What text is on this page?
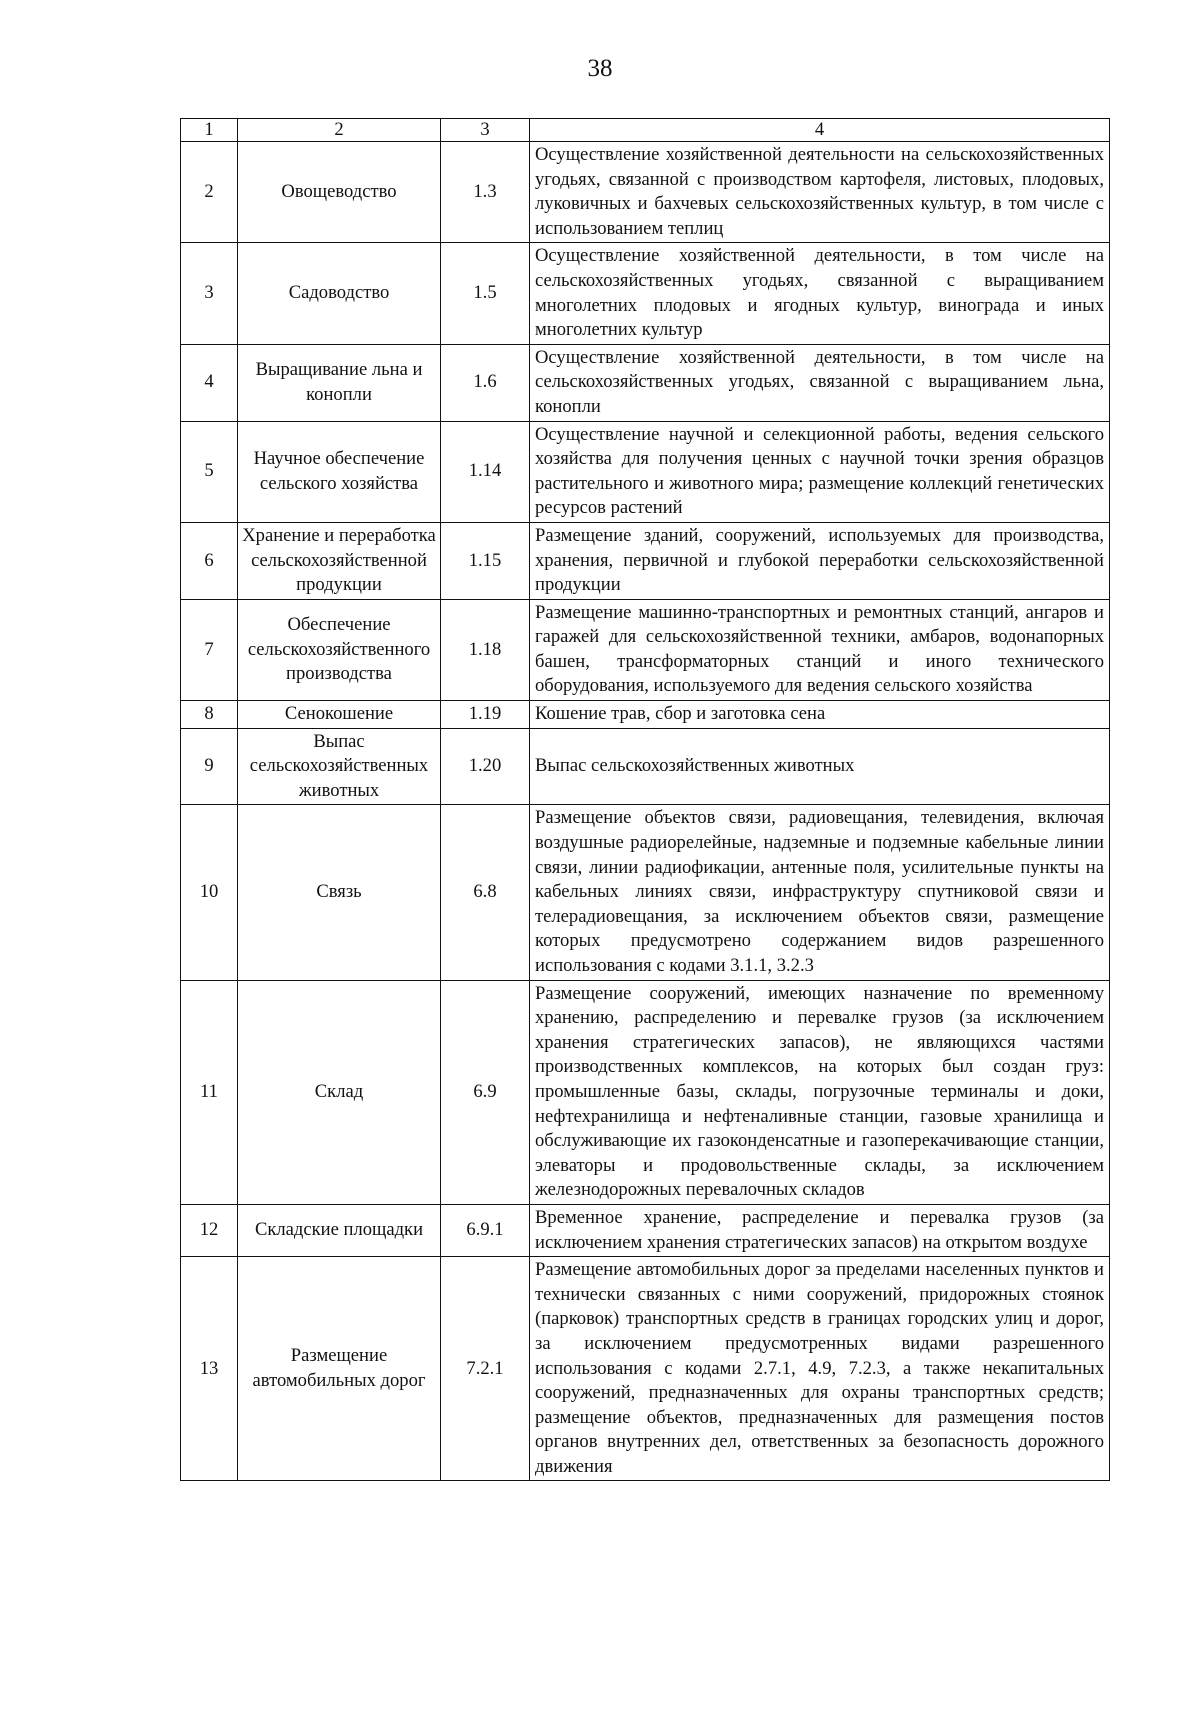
38
1	2	3	4
2	Овощеводство	1.3	Осуществление хозяйственной деятельности на сельскохозяйственных угодьях, связанной с производством картофеля, листовых, плодовых, луковичных и бахчевых сельскохозяйственных культур, в том числе с использованием теплиц
3	Садоводство	1.5	Осуществление хозяйственной деятельности, в том числе на сельскохозяйственных угодьях, связанной с выращиванием многолетних плодовых и ягодных культур, винограда и иных многолетних культур
4	Выращивание льна и конопли	1.6	Осуществление хозяйственной деятельности, в том числе на сельскохозяйственных угодьях, связанной с выращиванием льна, конопли
5	Научное обеспечение сельского хозяйства	1.14	Осуществление научной и селекционной работы, ведения сельского хозяйства для получения ценных с научной точки зрения образцов растительного и животного мира; размещение коллекций генетических ресурсов растений
6	Хранение и переработка сельскохозяйственной продукции	1.15	Размещение зданий, сооружений, используемых для производства, хранения, первичной и глубокой переработки сельскохозяйственной продукции
7	Обеспечение сельскохозяйственного производства	1.18	Размещение машинно-транспортных и ремонтных станций, ангаров и гаражей для сельскохозяйственной техники, амбаров, водонапорных башен, трансформаторных станций и иного технического оборудования, используемого для ведения сельского хозяйства
8	Сенокошение	1.19	Кошение трав, сбор и заготовка сена
9	Выпас сельскохозяйственных животных	1.20	Выпас сельскохозяйственных животных
10	Связь	6.8	Размещение объектов связи, радиовещания, телевидения, включая воздушные радиорелейные, надземные и подземные кабельные линии связи, линии радиофикации, антенные поля, усилительные пункты на кабельных линиях связи, инфраструктуру спутниковой связи и телерадиовещания, за исключением объектов связи, размещение которых предусмотрено содержанием видов разрешенного использования с кодами 3.1.1, 3.2.3
11	Склад	6.9	Размещение сооружений, имеющих назначение по временному хранению, распределению и перевалке грузов (за исключением хранения стратегических запасов), не являющихся частями производственных комплексов, на которых был создан груз: промышленные базы, склады, погрузочные терминалы и доки, нефтехранилища и нефтеналивные станции, газовые хранилища и обслуживающие их газоконденсатные и газоперекачивающие станции, элеваторы и продовольственные склады, за исключением железнодорожных перевалочных складов
12	Складские площадки	6.9.1	Временное хранение, распределение и перевалка грузов (за исключением хранения стратегических запасов) на открытом воздухе
13	Размещение автомобильных дорог	7.2.1	Размещение автомобильных дорог за пределами населенных пунктов и технически связанных с ними сооружений, придорожных стоянок (парковок) транспортных средств в границах городских улиц и дорог, за исключением предусмотренных видами разрешенного использования с кодами 2.7.1, 4.9, 7.2.3, а также некапитальных сооружений, предназначенных для охраны транспортных средств; размещение объектов, предназначенных для размещения постов органов внутренних дел, ответственных за безопасность дорожного движения
